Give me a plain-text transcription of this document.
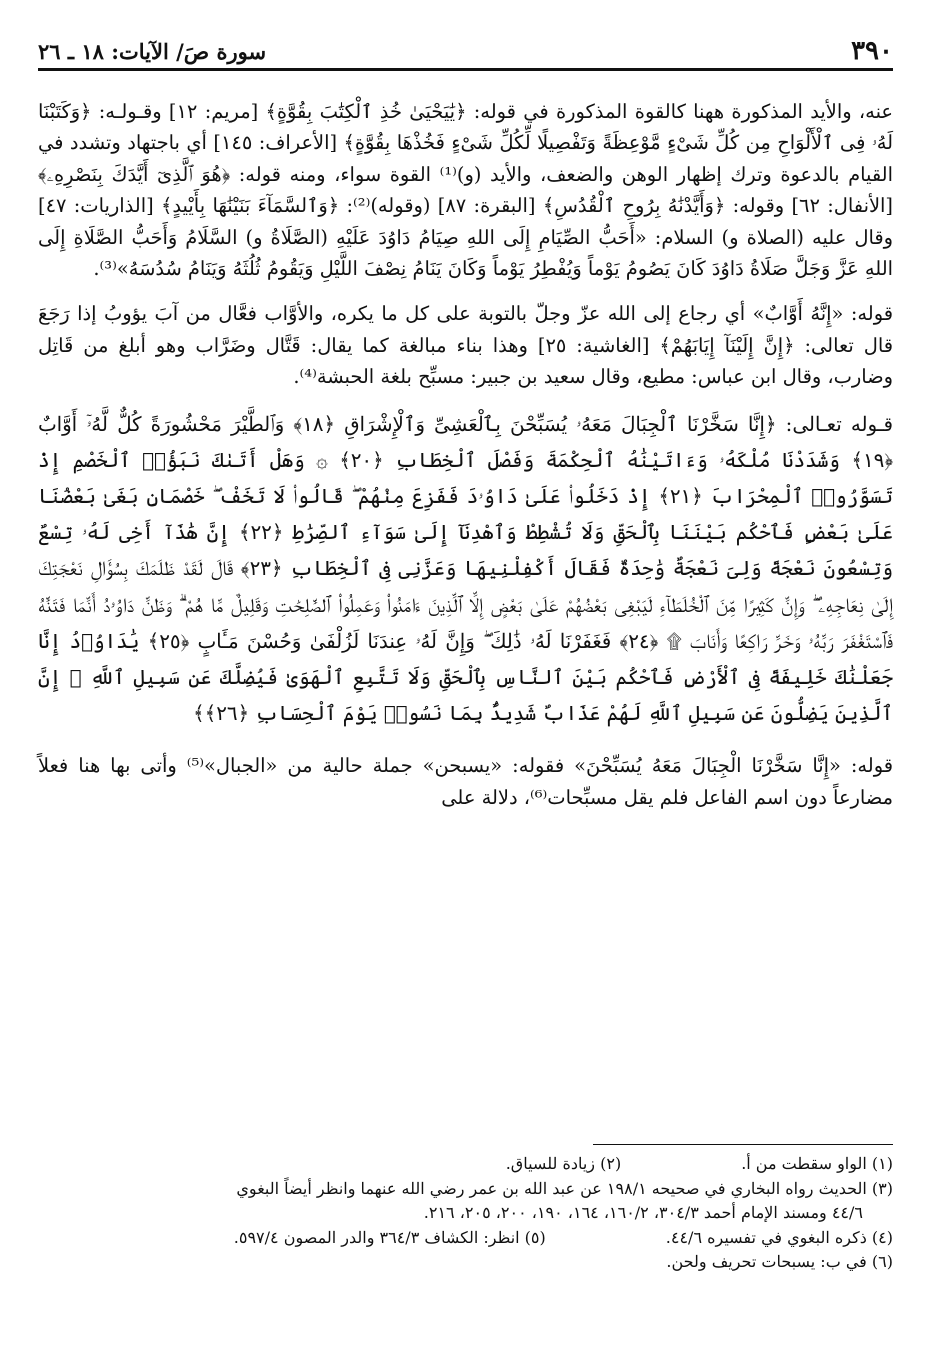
سورة صَ/ الآيات: ١٨ ـ ٢٦	٣٩٠

عنه، والأيد المذكورة ههنا كالقوة المذكورة في قوله: ﴿يَٰيَحْيَىٰ خُذِ ٱلْكِتَٰبَ بِقُوَّةٍ﴾ [مريم: ١٢] وقـولـه: ﴿وَكَتَبْنَا لَهُۥ فِى ٱلْأَلْوَاحِ مِن كُلِّ شَىْءٍ مَّوْعِظَةً وَتَفْصِيلًا لِّكُلِّ شَىْءٍ فَخُذْهَا بِقُوَّةٍ﴾ [الأعراف: ١٤٥] أي باجتهاد وتشدد في القيام بالدعوة وترك إظهار الوهن والضعف، والأيد (و)⁽¹⁾ القوة سواء، ومنه قوله: ﴿هُوَ ٱلَّذِىٓ أَيَّدَكَ بِنَصْرِهِۦ﴾ [الأنفال: ٦٢] وقوله: ﴿وَأَيَّدْنَٰهُ بِرُوحِ ٱلْقُدُسِ﴾ [البقرة: ٨٧] (وقوله)⁽²⁾: ﴿وَٱلسَّمَآءَ بَنَيْنَٰهَا بِأَيْيدٍ﴾ [الذاريات: ٤٧] وقال عليه (الصلاة و) السلام: «أَحَبُّ الصِّيَامِ إِلَى اللهِ صِيَامُ دَاوُدَ عَلَيْهِ (الصَّلَاةُ و) السَّلَامُ وَأَحَبُّ الصَّلَاةِ إِلَى اللهِ عَزَّ وَجَلَّ صَلَاةُ دَاوُدَ كَانَ يَصُومُ يَوْماً وَيُفْطِرُ يَوْماً وَكَانَ يَنَامُ نِصْفَ اللَّيْلِ وَيَقُومُ ثُلُثَهُ وَيَنَامُ سُدُسَهُ»⁽³⁾.

قوله: «إِنَّهُ أَوَّابٌ» أي رجاع إلى الله عزّ وجلّ بالتوبة على كل ما يكره، والأوَّاب فعَّال من آبَ يؤوبُ إذا رَجَعَ قال تعالى: ﴿إِنَّ إِلَيْنَآ إِيَابَهُمْ﴾ [الغاشية: ٢٥] وهذا بناء مبالغة كما يقال: قَتَّال وضَرَّاب وهو أبلغ من قَاتِل وضارب، وقال ابن عباس: مطيع، وقال سعيد بن جبير: مسبِّح بلغة الحبشة⁽⁴⁾.

قـوله تعـالى: ﴿إِنَّا سَخَّرْنَا ٱلْجِبَالَ مَعَهُۥ يُسَبِّحْنَ بِٱلْعَشِىِّ وَٱلْإِشْرَاقِ ﴿١٨﴾ وَٱلطَّيْرَ مَحْشُورَةً كُلٌّ لَّهُۥٓ أَوَّابٌ ﴿١٩﴾ وَشَدَدْنَا مُلْكَهُۥ وَءَاتَيْنَٰهُ ٱلْحِكْمَةَ وَفَصْلَ ٱلْخِطَابِ ﴿٢٠﴾ ۞ وَهَلْ أَتَىٰكَ نَبَؤُا۟ ٱلْخَصْمِ إِذْ تَسَوَّرُوا۟ ٱلْمِحْرَابَ ﴿٢١﴾ إِذْ دَخَلُوا۟ عَلَىٰ دَاوُۥدَ فَفَزِعَ مِنْهُمْ ۖ قَالُوا۟ لَا تَخَفْ ۖ خَصْمَانِ بَغَىٰ بَعْضُنَا عَلَىٰ بَعْضٍ فَٱحْكُم بَيْنَنَا بِٱلْحَقِّ وَلَا تُشْطِطْ وَٱهْدِنَآ إِلَىٰ سَوَآءِ ٱلصِّرَٰطِ ﴿٢٢﴾ إِنَّ هَٰذَآ أَخِى لَهُۥ تِسْعٌ وَتِسْعُونَ نَعْجَةً وَلِىَ نَعْجَةٌ وَٰحِدَةٌ فَقَالَ أَكْفِلْنِيهَا وَعَزَّنِى فِى ٱلْخِطَابِ ﴿٢٣﴾ قَالَ لَقَدْ ظَلَمَكَ بِسُؤَالِ نَعْجَتِكَ إِلَىٰ نِعَاجِهِۦ ۖ وَإِنَّ كَثِيرًا مِّنَ ٱلْخُلَطَآءِ لَيَبْغِى بَعْضُهُمْ عَلَىٰ بَعْضٍ إِلَّا ٱلَّذِينَ ءَامَنُوا۟ وَعَمِلُوا۟ ٱلصَّٰلِحَٰتِ وَقَلِيلٌ مَّا هُمْ ۗ وَظَنَّ دَاوُۥدُ أَنَّمَا فَتَنَّٰهُ فَٱسْتَغْفَرَ رَبَّهُۥ وَخَرَّ رَاكِعًا وَأَنَابَ ۩ ﴿٢٤﴾ فَغَفَرْنَا لَهُۥ ذَٰلِكَ ۖ وَإِنَّ لَهُۥ عِندَنَا لَزُلْفَىٰ وَحُسْنَ مَـَٔابٍ ﴿٢٥﴾ يَٰدَاوُۥدُ إِنَّا جَعَلْنَٰكَ خَلِيفَةً فِى ٱلْأَرْضِ فَٱحْكُم بَيْنَ ٱلنَّاسِ بِٱلْحَقِّ وَلَا تَتَّبِعِ ٱلْهَوَىٰ فَيُضِلَّكَ عَن سَبِيلِ ٱللَّهِ ۚ إِنَّ ٱلَّذِينَ يَضِلُّونَ عَن سَبِيلِ ٱللَّهِ لَهُمْ عَذَابٌ شَدِيدٌۢ بِمَا نَسُوا۟ يَوْمَ ٱلْحِسَابِ ﴿٢٦﴾﴾

قوله: «إِنَّا سَخَّرْنَا الْجِبَالَ مَعَهُ يُسَبِّحْنَ» فقوله: «يسبحن» جملة حالية من «الجبال»⁽⁵⁾ وأتى بها هنا فعلاً مضارعاً دون اسم الفاعل فلم يقل مسبِّحات⁽⁶⁾، دلالة على

(١) الواو سقطت من أ.
(٢) زيادة للسياق.
(٣) الحديث رواه البخاري في صحيحه ١٩٨/١ عن عبد الله بن عمر رضي الله عنهما وانظر أيضاً البغوي
٤٤/٦ ومسند الإمام أحمد ٣٠٤/٣، ١٦٠/٢، ١٦٤، ١٩٠، ٢٠٠، ٢٠٥، ٢١٦.
(٤) ذكره البغوي في تفسيره ٤٤/٦.
(٥) انظر: الكشاف ٣٦٤/٣ والدر المصون ٥٩٧/٤.
(٦) في ب: يسبحات تحريف ولحن.
